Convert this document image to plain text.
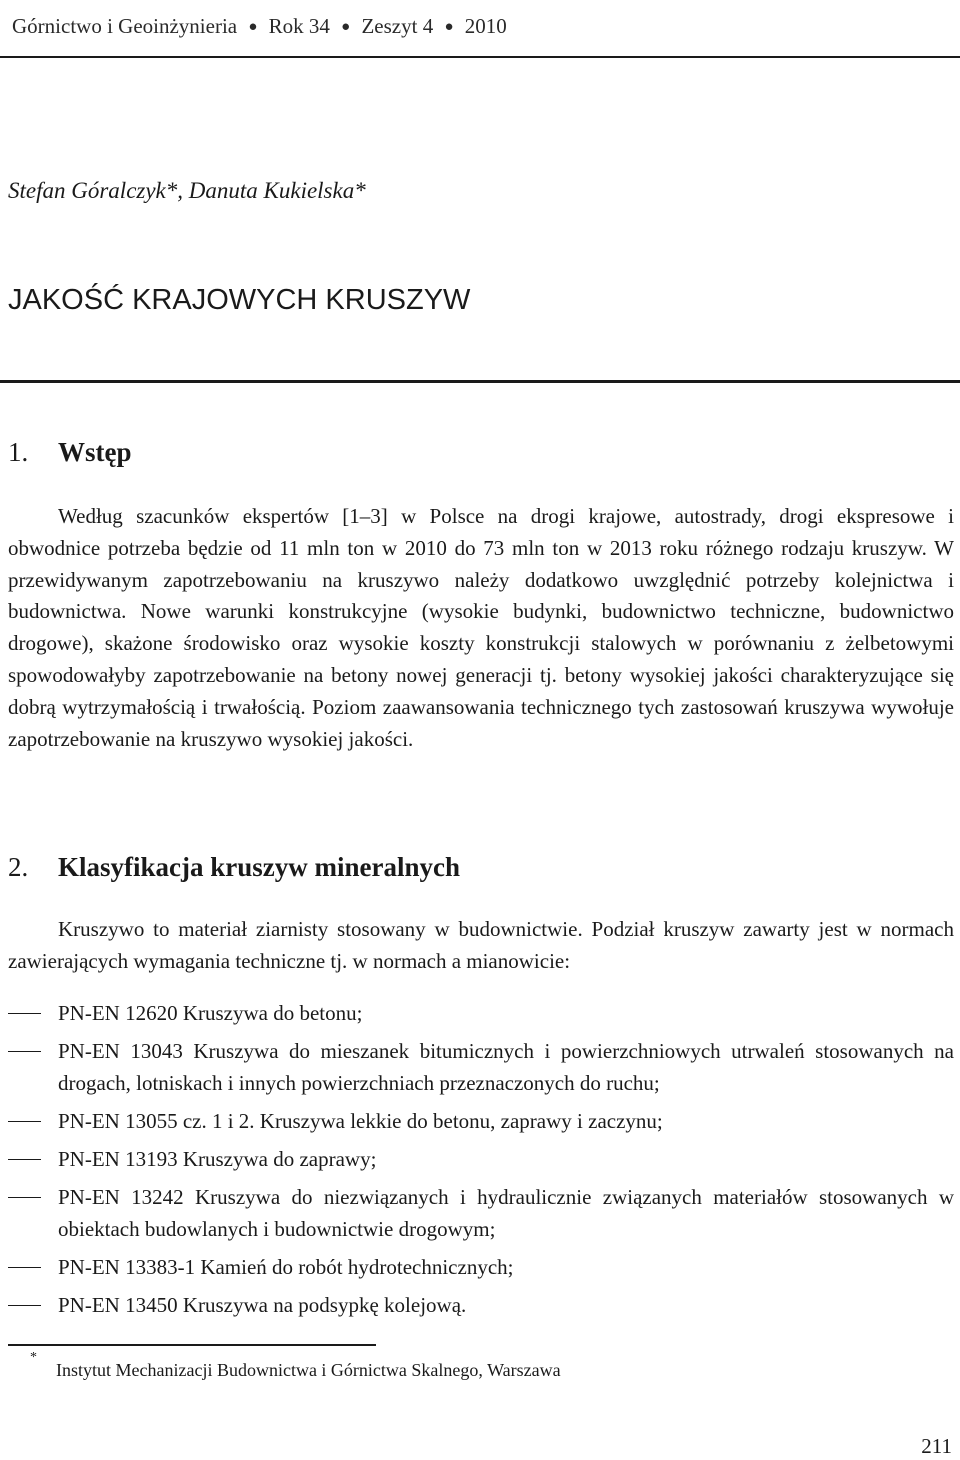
Górnictwo i Geoinżynieria ● Rok 34 ● Zeszyt 4 ● 2010
Stefan Góralczyk*, Danuta Kukielska*
JAKOŚĆ KRAJOWYCH KRUSZYW
1. Wstęp

Według szacunków ekspertów [1–3] w Polsce na drogi krajowe, autostrady, drogi ekspresowe i obwodnice potrzeba będzie od 11 mln ton w 2010 do 73 mln ton w 2013 roku różnego rodzaju kruszyw. W przewidywanym zapotrzebowaniu na kruszywo należy dodatkowo uwzględnić potrzeby kolejnictwa i budownictwa. Nowe warunki konstrukcyjne (wysokie budynki, budownictwo techniczne, budownictwo drogowe), skażone środowisko oraz wysokie koszty konstrukcji stalowych w porównaniu z żelbetowymi spowodowałyby zapotrzebowanie na betony nowej generacji tj. betony wysokiej jakości charakteryzujące się dobrą wytrzymałością i trwałością. Poziom zaawansowania technicznego tych zastosowań kruszywa wywołuje zapotrzebowanie na kruszywo wysokiej jakości.

2. Klasyfikacja kruszyw mineralnych

Kruszywo to materiał ziarnisty stosowany w budownictwie. Podział kruszyw zawarty jest w normach zawierających wymagania techniczne tj. w normach a mianowicie:

PN-EN 12620 Kruszywa do betonu;
PN-EN 13043 Kruszywa do mieszanek bitumicznych i powierzchniowych utrwaleń stosowanych na drogach, lotniskach i innych powierzchniach przeznaczonych do ruchu;
PN-EN 13055 cz. 1 i 2. Kruszywa lekkie do betonu, zaprawy i zaczynu;
PN-EN 13193 Kruszywa do zaprawy;
PN-EN 13242 Kruszywa do niezwiązanych i hydraulicznie związanych materiałów stosowanych w obiektach budowlanych i budownictwie drogowym;
PN-EN 13383-1 Kamień do robót hydrotechnicznych;
PN-EN 13450 Kruszywa na podsypkę kolejową.
*
Instytut Mechanizacji Budownictwa i Górnictwa Skalnego, Warszawa
211
